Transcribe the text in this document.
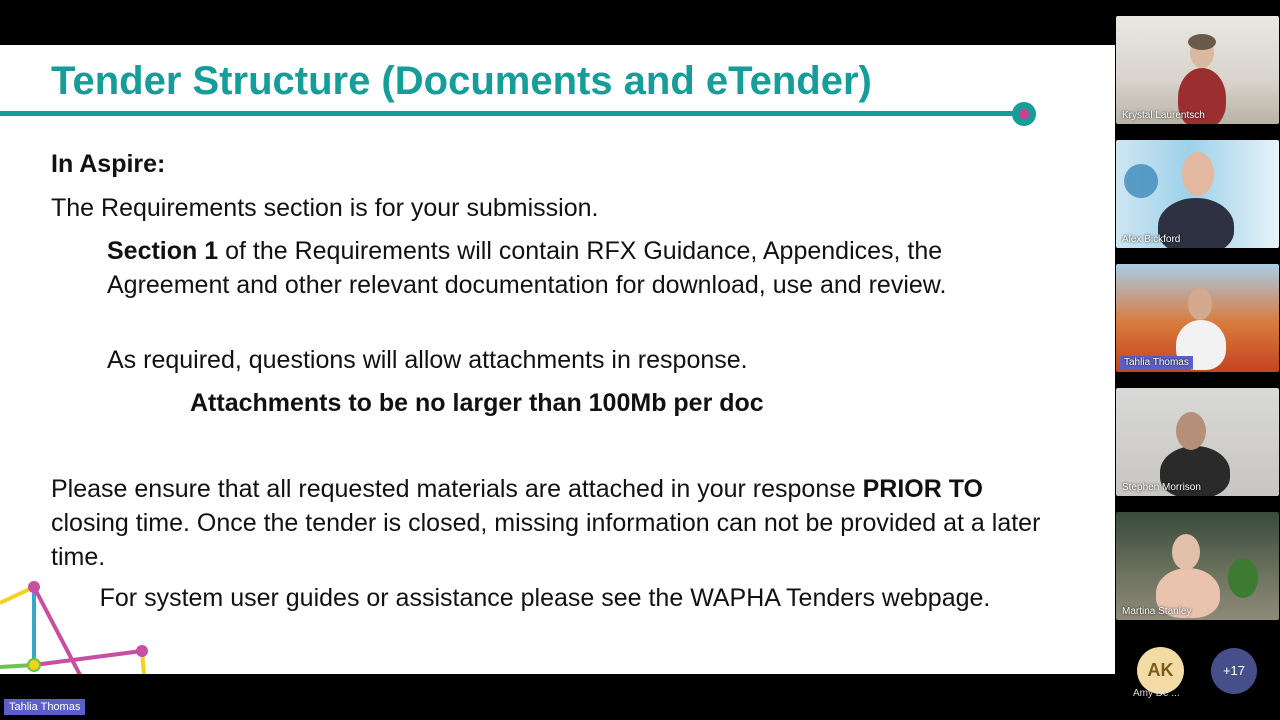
Tender Structure (Documents and eTender)
In Aspire:
The Requirements section is for your submission.
Section 1 of the Requirements will contain RFX Guidance, Appendices, the Agreement and other relevant documentation for download, use and review.
As required, questions will allow attachments in response.
Attachments to be no larger than 100Mb per doc
Please ensure that all requested materials are attached in your response PRIOR TO closing time. Once the tender is closed, missing information can not be provided at a later time.
For system user guides or assistance please see the WAPHA Tenders webpage.
Krystal Laurentsch
Alex Bickford
Tahlia Thomas
Stephen Morrison
Martina Stanley
AK
Amy De ...
+17
Tahlia Thomas
